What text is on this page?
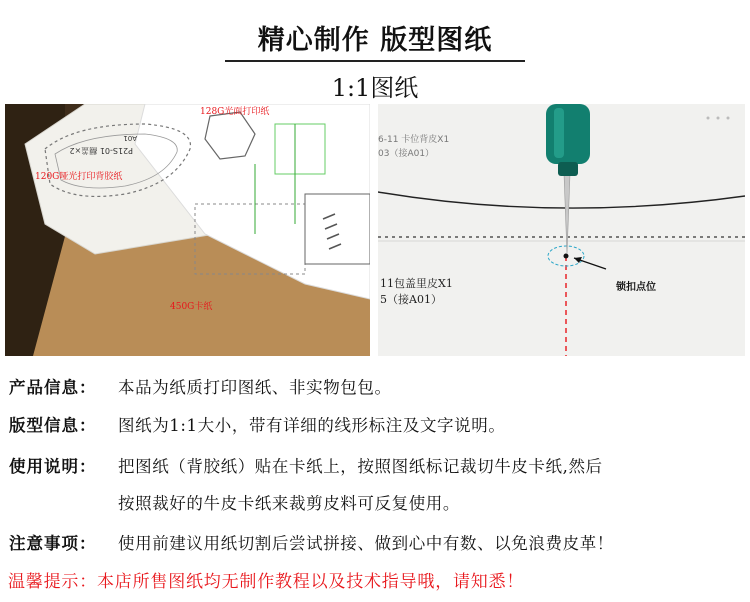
精心制作 版型图纸
1:1图纸
128G光面打印纸
120G哑光打印背胶纸
450G卡纸
P21S-01 翻盖×2
A01	6-11 卡位背皮X1
03（接A01）
锁扣点位
11包盖里皮X1
5（接A01）
产品信息： 本品为纸质打印图纸、非实物包包。
版型信息： 图纸为1:1大小，带有详细的线形标注及文字说明。
使用说明： 把图纸（背胶纸）贴在卡纸上，按照图纸标记裁切牛皮卡纸,然后
按照裁好的牛皮卡纸来裁剪皮料可反复使用。
注意事项： 使用前建议用纸切割后尝试拼接、做到心中有数、以免浪费皮革！
温馨提示：本店所售图纸均无制作教程以及技术指导哦，请知悉！
